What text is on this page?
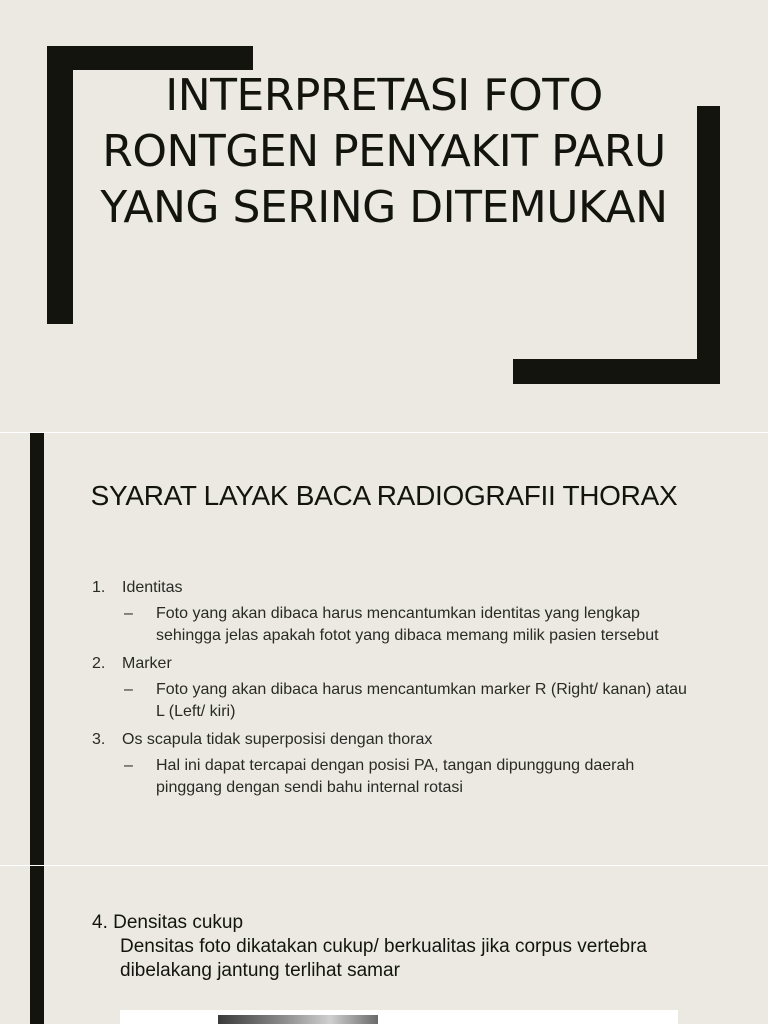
INTERPRETASI FOTO RONTGEN PENYAKIT PARU YANG SERING DITEMUKAN
SYARAT LAYAK BACA RADIOGRAFII THORAX
1.	Identitas
–	Foto yang akan dibaca harus mencantumkan identitas yang lengkap sehingga jelas apakah fotot yang dibaca memang milik pasien tersebut
2.	Marker
–	Foto yang akan dibaca harus mencantumkan marker R (Right/ kanan) atau L (Left/ kiri)
3.	Os scapula tidak superposisi dengan thorax
–	Hal ini dapat tercapai dengan posisi PA, tangan dipunggung daerah pinggang dengan sendi bahu internal rotasi
4. Densitas cukup
Densitas foto dikatakan cukup/ berkualitas jika corpus vertebra dibelakang jantung terlihat samar
